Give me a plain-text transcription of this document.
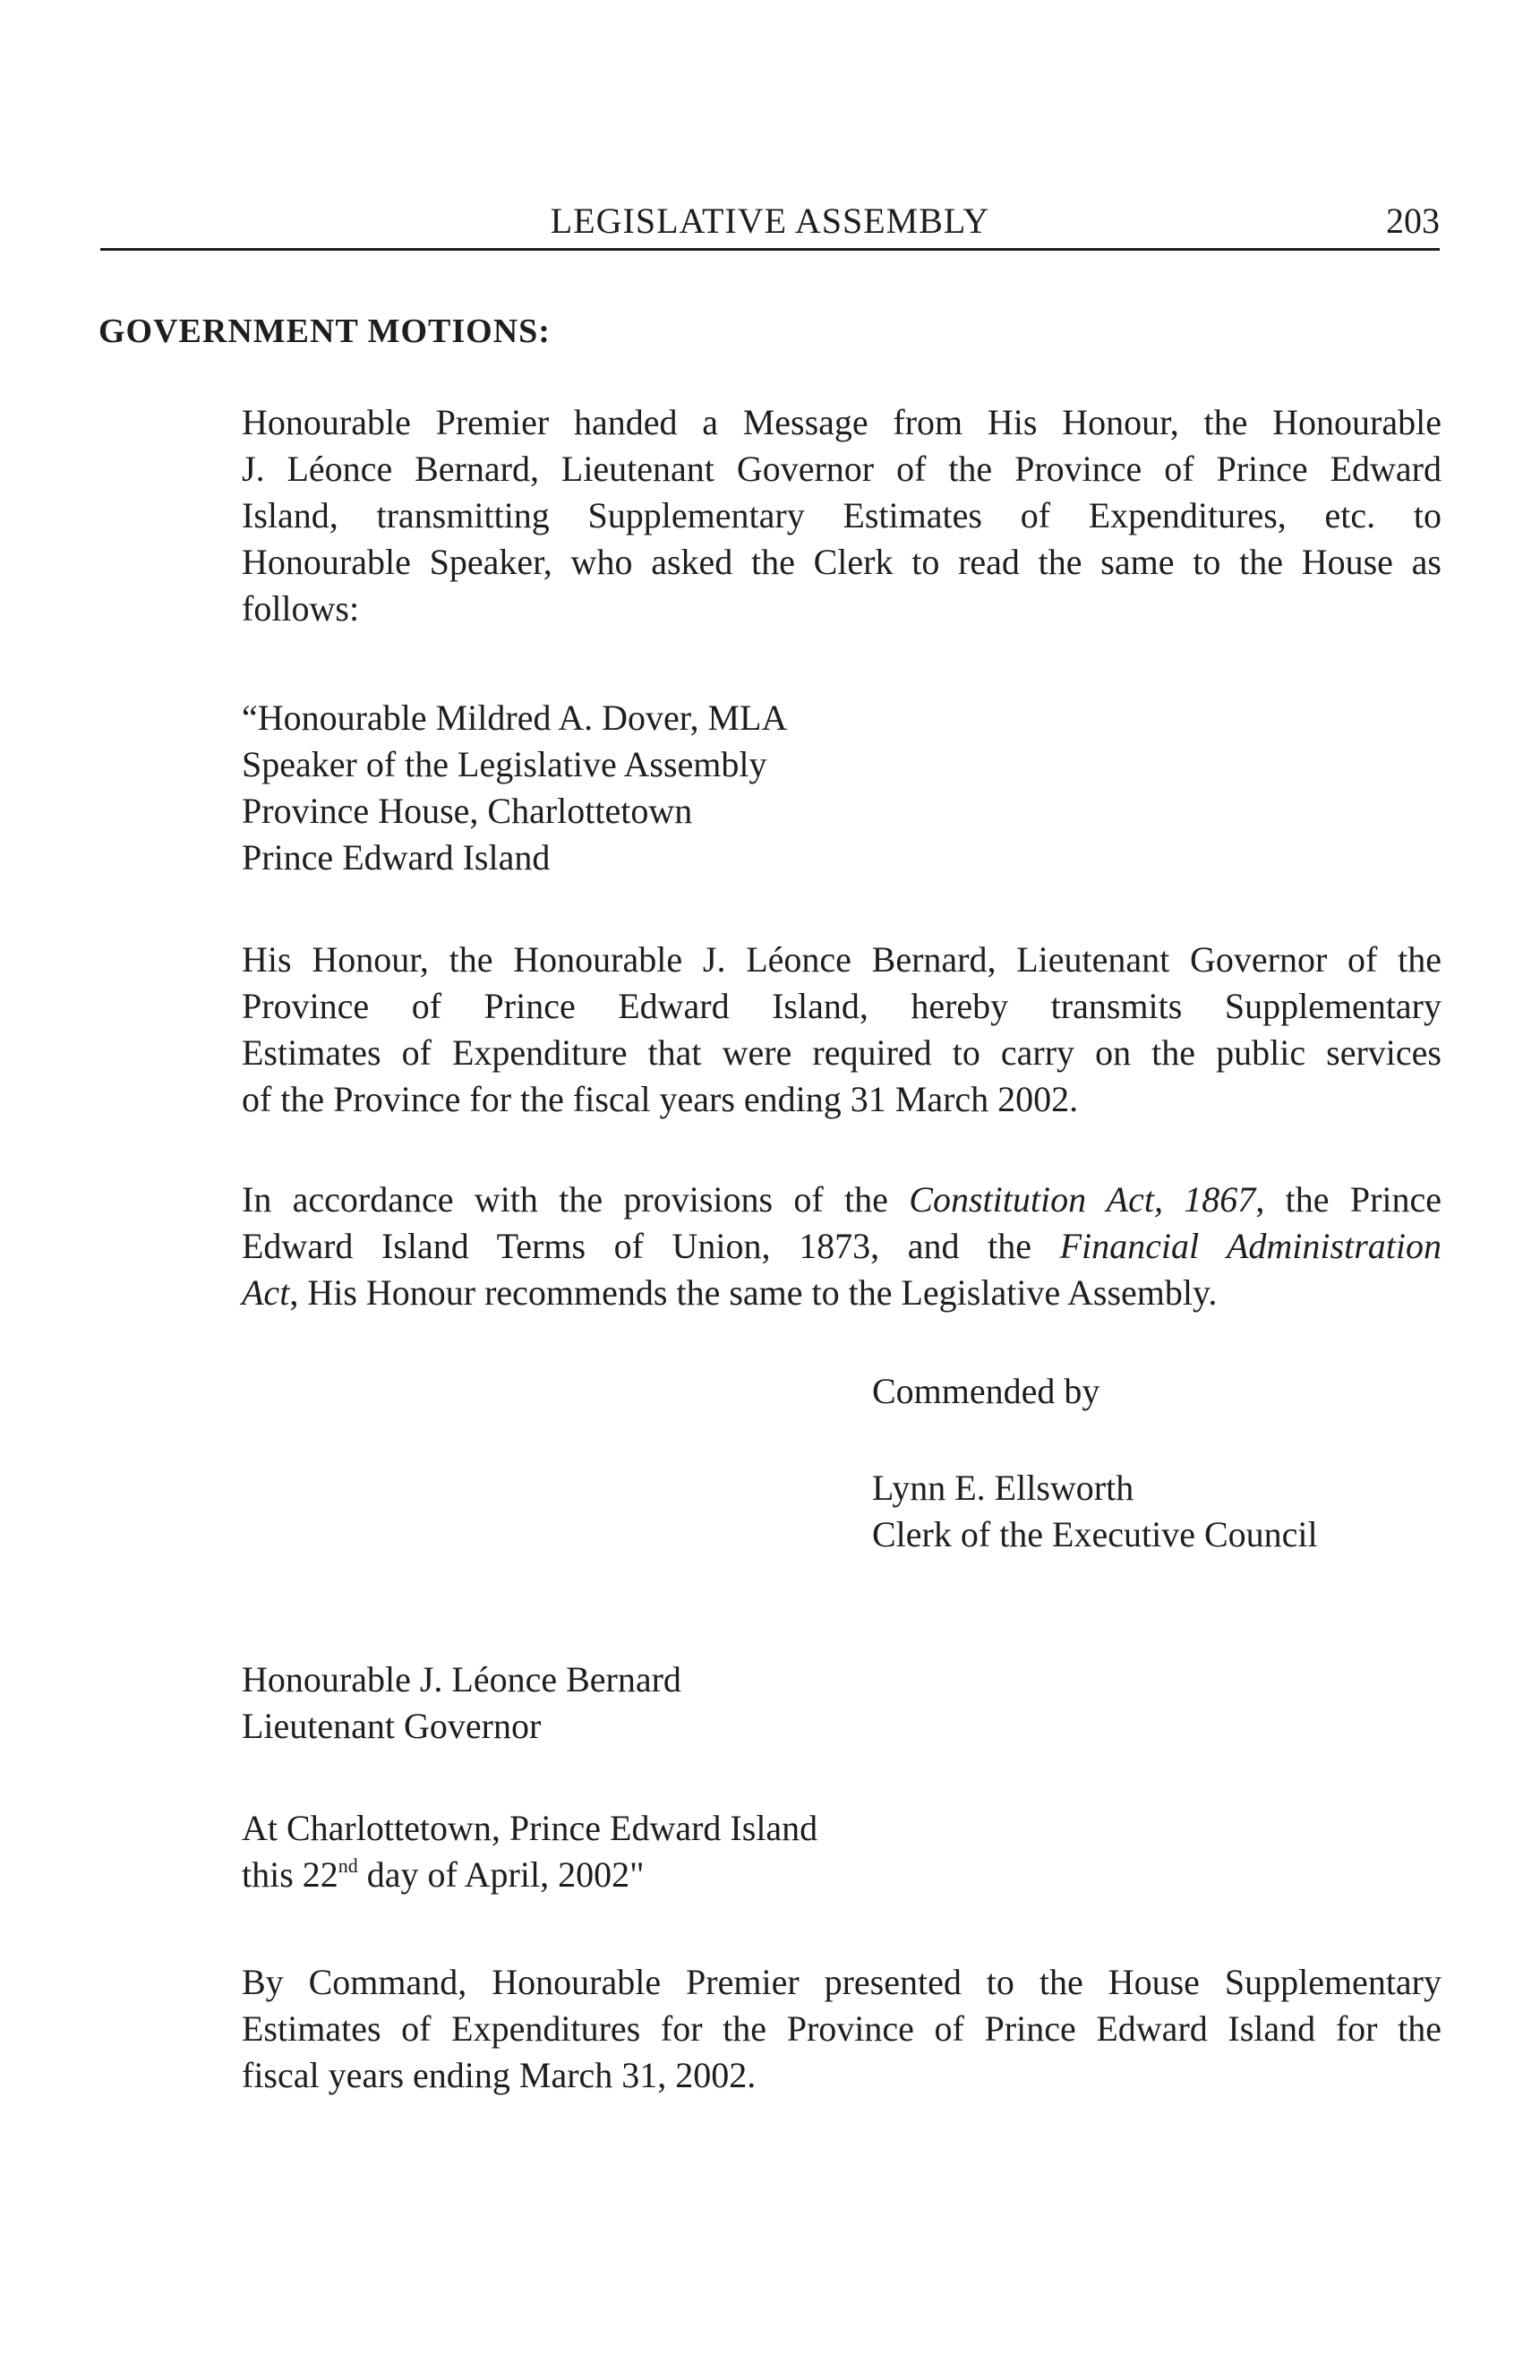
LEGISLATIVE ASSEMBLY	203
GOVERNMENT MOTIONS:
Honourable Premier handed a Message from His Honour, the Honourable
J. Léonce Bernard, Lieutenant Governor of the Province of Prince Edward
Island, transmitting Supplementary Estimates of Expenditures, etc. to
Honourable Speaker, who asked the Clerk to read the same to the House as
follows:
“Honourable Mildred A. Dover, MLA
Speaker of the Legislative Assembly
Province House, Charlottetown
Prince Edward Island
His Honour, the Honourable J. Léonce Bernard, Lieutenant Governor of the
Province of Prince Edward Island, hereby transmits Supplementary
Estimates of Expenditure that were required to carry on the public services
of the Province for the fiscal years ending 31 March 2002.
In accordance with the provisions of the Constitution Act, 1867, the Prince
Edward Island Terms of Union, 1873, and the Financial Administration
Act, His Honour recommends the same to the Legislative Assembly.
Commended by
Lynn E. Ellsworth
Clerk of the Executive Council
Honourable J. Léonce Bernard
Lieutenant Governor
At Charlottetown, Prince Edward Island
this 22nd day of April, 2002"
By Command, Honourable Premier presented to the House Supplementary
Estimates of Expenditures for the Province of Prince Edward Island for the
fiscal years ending March 31, 2002.
